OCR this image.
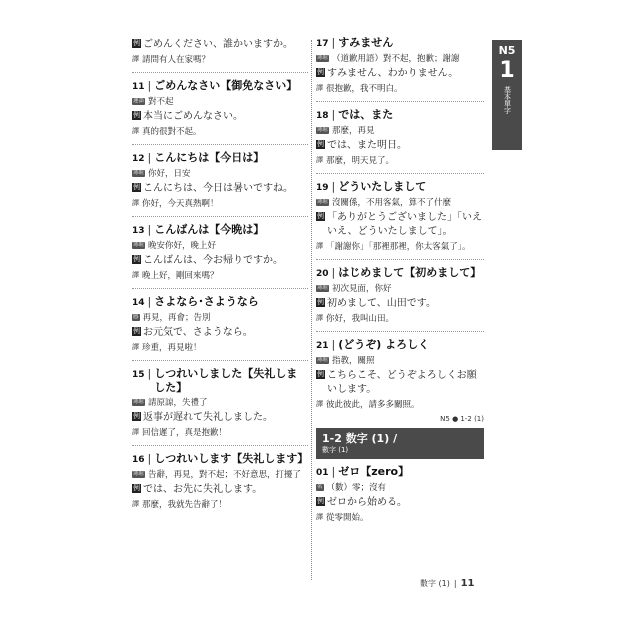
例 ごめんください、誰かいますか。
譯 請問有人在家嗎？
11 | ごめんなさい【御免なさい】
連語 對不起
例 本当にごめんなさい。
譯 真的很對不起。
12 | こんにちは【今日は】
寒暄 你好，日安
例 こんにちは、今日は暑いですね。
譯 你好，今天真熱啊！
13 | こんばんは【今晩は】
寒暄 晚安你好，晚上好
例 こんばんは、今お帰りですか。
譯 晚上好，剛回來嗎？
14 | さよなら･さようなら
感 再見，再會；告別
例 お元気で、さようなら。
譯 珍重，再見啦！
15 | しつれいしました【失礼しました】
寒暄 請原諒，失禮了
例 返事が遅れて失礼しました。
譯 回信遲了，真是抱歉！
16 | しつれいします【失礼します】
寒暄 告辭，再見，對不起；不好意思，打擾了
例 では、お先に失礼します。
譯 那麼，我就先告辭了！
17 | すみません
寒暄 （道歉用語）對不起，抱歉；謝謝
例 すみません、わかりません。
譯 很抱歉，我不明白。
18 | では、また
寒暄 那麼，再見
例 では、また明日。
譯 那麼，明天見了。
19 | どういたしまして
寒暄 沒關係，不用客氣，算不了什麼
例 「ありがとうございました」「いえいえ、どういたしまして」。
譯 「謝謝你」「那裡那裡，你太客氣了」。
20 | はじめまして【初めまして】
寒暄 初次見面，你好
例 初めまして、山田です。
譯 你好，我叫山田。
21 | (どうぞ) よろしく
寒暄 指教，關照
例 こちらこそ、どうぞよろしくお願いします。
譯 彼此彼此，請多多關照。
N5 ● 1-2 (1)
1-2 数字 (1) /
數字 (1)
01 | ゼロ【zero】
名 （數）零；沒有
例 ゼロから始める。
譯 從零開始。
N5
1
基本單字
數字 (1) | 11
